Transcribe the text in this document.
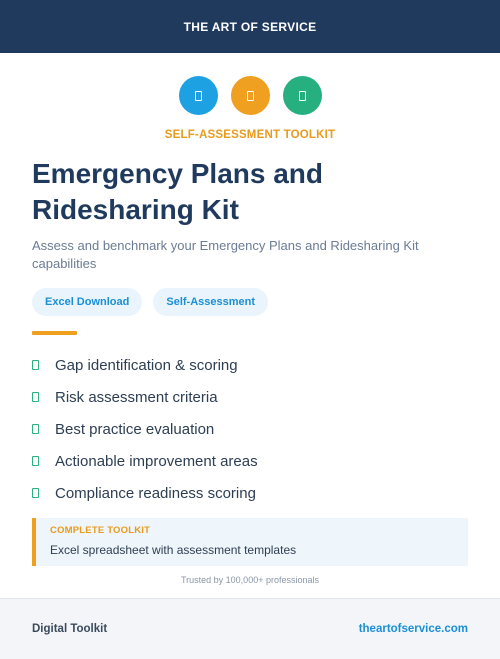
THE ART OF SERVICE
SELF-ASSESSMENT TOOLKIT
Emergency Plans and Ridesharing Kit
Assess and benchmark your Emergency Plans and Ridesharing Kit capabilities
Excel Download	Self-Assessment
Gap identification & scoring
Risk assessment criteria
Best practice evaluation
Actionable improvement areas
Compliance readiness scoring
COMPLETE TOOLKIT
Excel spreadsheet with assessment templates
Trusted by 100,000+ professionals
Digital Toolkit	theartofservice.com
